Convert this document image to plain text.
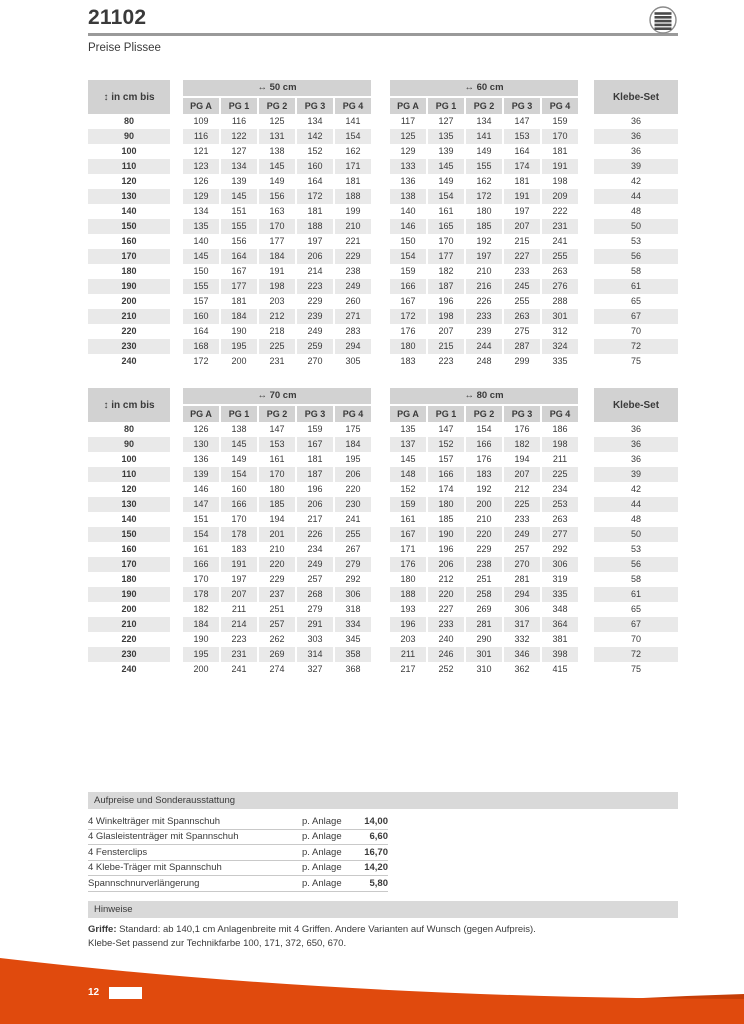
21102
Preise Plissee
↕ in cm bis
↔ 50 cm
PG A	PG 1	PG 2	PG 3	PG 4
↔ 60 cm
PG A	PG 1	PG 2	PG 3	PG 4
Klebe-Set
80	109	116	125	134	141	117	127	134	147	159	36
90	116	122	131	142	154	125	135	141	153	170	36
100	121	127	138	152	162	129	139	149	164	181	36
110	123	134	145	160	171	133	145	155	174	191	39
120	126	139	149	164	181	136	149	162	181	198	42
130	129	145	156	172	188	138	154	172	191	209	44
140	134	151	163	181	199	140	161	180	197	222	48
150	135	155	170	188	210	146	165	185	207	231	50
160	140	156	177	197	221	150	170	192	215	241	53
170	145	164	184	206	229	154	177	197	227	255	56
180	150	167	191	214	238	159	182	210	233	263	58
190	155	177	198	223	249	166	187	216	245	276	61
200	157	181	203	229	260	167	196	226	255	288	65
210	160	184	212	239	271	172	198	233	263	301	67
220	164	190	218	249	283	176	207	239	275	312	70
230	168	195	225	259	294	180	215	244	287	324	72
240	172	200	231	270	305	183	223	248	299	335	75
↕ in cm bis
↔ 70 cm
PG A	PG 1	PG 2	PG 3	PG 4
↔ 80 cm
PG A	PG 1	PG 2	PG 3	PG 4
Klebe-Set
80	126	138	147	159	175	135	147	154	176	186	36
90	130	145	153	167	184	137	152	166	182	198	36
100	136	149	161	181	195	145	157	176	194	211	36
110	139	154	170	187	206	148	166	183	207	225	39
120	146	160	180	196	220	152	174	192	212	234	42
130	147	166	185	206	230	159	180	200	225	253	44
140	151	170	194	217	241	161	185	210	233	263	48
150	154	178	201	226	255	167	190	220	249	277	50
160	161	183	210	234	267	171	196	229	257	292	53
170	166	191	220	249	279	176	206	238	270	306	56
180	170	197	229	257	292	180	212	251	281	319	58
190	178	207	237	268	306	188	220	258	294	335	61
200	182	211	251	279	318	193	227	269	306	348	65
210	184	214	257	291	334	196	233	281	317	364	67
220	190	223	262	303	345	203	240	290	332	381	70
230	195	231	269	314	358	211	246	301	346	398	72
240	200	241	274	327	368	217	252	310	362	415	75
Aufpreise und Sonderausstattung
4 Winkelträger mit Spannschuh	p. Anlage	14,00
4 Glasleistenträger mit Spannschuh	p. Anlage	6,60
4 Fensterclips	p. Anlage	16,70
4 Klebe-Träger mit Spannschuh	p. Anlage	14,20
Spannschnurverlängerung	p. Anlage	5,80
Hinweise
Griffe: Standard: ab 140,1 cm Anlagenbreite mit 4 Griffen. Andere Varianten auf Wunsch (gegen Aufpreis).
Klebe-Set passend zur Technikfarbe 100, 171, 372, 650, 670.
12
